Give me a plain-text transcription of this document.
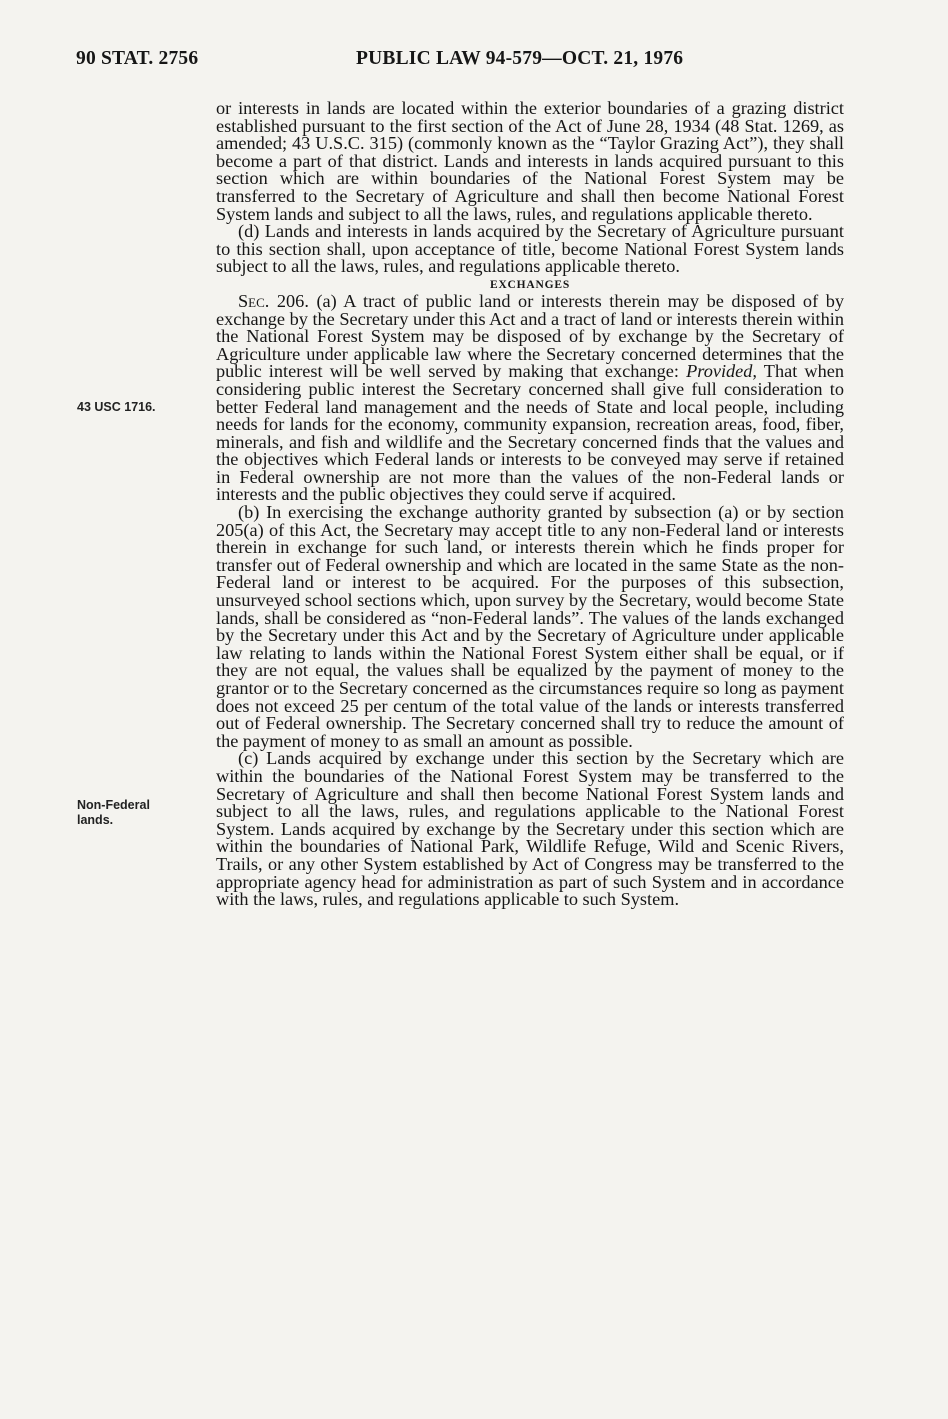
90 STAT. 2756	PUBLIC LAW 94-579—OCT. 21, 1976
43 USC 1716.
Non-Federal
lands.

or interests in lands are located within the exterior boundaries of a grazing district established pursuant to the first section of the Act of June 28, 1934 (48 Stat. 1269, as amended; 43 U.S.C. 315) (commonly known as the “Taylor Grazing Act”), they shall become a part of that district. Lands and interests in lands acquired pursuant to this section which are within boundaries of the National Forest System may be transferred to the Secretary of Agriculture and shall then become National Forest System lands and subject to all the laws, rules, and regulations applicable thereto.

(d) Lands and interests in lands acquired by the Secretary of Agriculture pursuant to this section shall, upon acceptance of title, become National Forest System lands subject to all the laws, rules, and regulations applicable thereto.

EXCHANGES

Sec. 206. (a) A tract of public land or interests therein may be disposed of by exchange by the Secretary under this Act and a tract of land or interests therein within the National Forest System may be disposed of by exchange by the Secretary of Agriculture under applicable law where the Secretary concerned determines that the public interest will be well served by making that exchange: Provided, That when considering public interest the Secretary concerned shall give full consideration to better Federal land management and the needs of State and local people, including needs for lands for the economy, community expansion, recreation areas, food, fiber, minerals, and fish and wildlife and the Secretary concerned finds that the values and the objectives which Federal lands or interests to be conveyed may serve if retained in Federal ownership are not more than the values of the non-Federal lands or interests and the public objectives they could serve if acquired.

(b) In exercising the exchange authority granted by subsection (a) or by section 205(a) of this Act, the Secretary may accept title to any non-Federal land or interests therein in exchange for such land, or interests therein which he finds proper for transfer out of Federal ownership and which are located in the same State as the non-Federal land or interest to be acquired. For the purposes of this subsection, unsurveyed school sections which, upon survey by the Secretary, would become State lands, shall be considered as “non-Federal lands”. The values of the lands exchanged by the Secretary under this Act and by the Secretary of Agriculture under applicable law relating to lands within the National Forest System either shall be equal, or if they are not equal, the values shall be equalized by the payment of money to the grantor or to the Secretary concerned as the circumstances require so long as payment does not exceed 25 per centum of the total value of the lands or interests transferred out of Federal ownership. The Secretary concerned shall try to reduce the amount of the payment of money to as small an amount as possible.

(c) Lands acquired by exchange under this section by the Secretary which are within the boundaries of the National Forest System may be transferred to the Secretary of Agriculture and shall then become National Forest System lands and subject to all the laws, rules, and regulations applicable to the National Forest System. Lands acquired by exchange by the Secretary under this section which are within the boundaries of National Park, Wildlife Refuge, Wild and Scenic Rivers, Trails, or any other System established by Act of Congress may be transferred to the appropriate agency head for administration as part of such System and in accordance with the laws, rules, and regulations applicable to such System.
